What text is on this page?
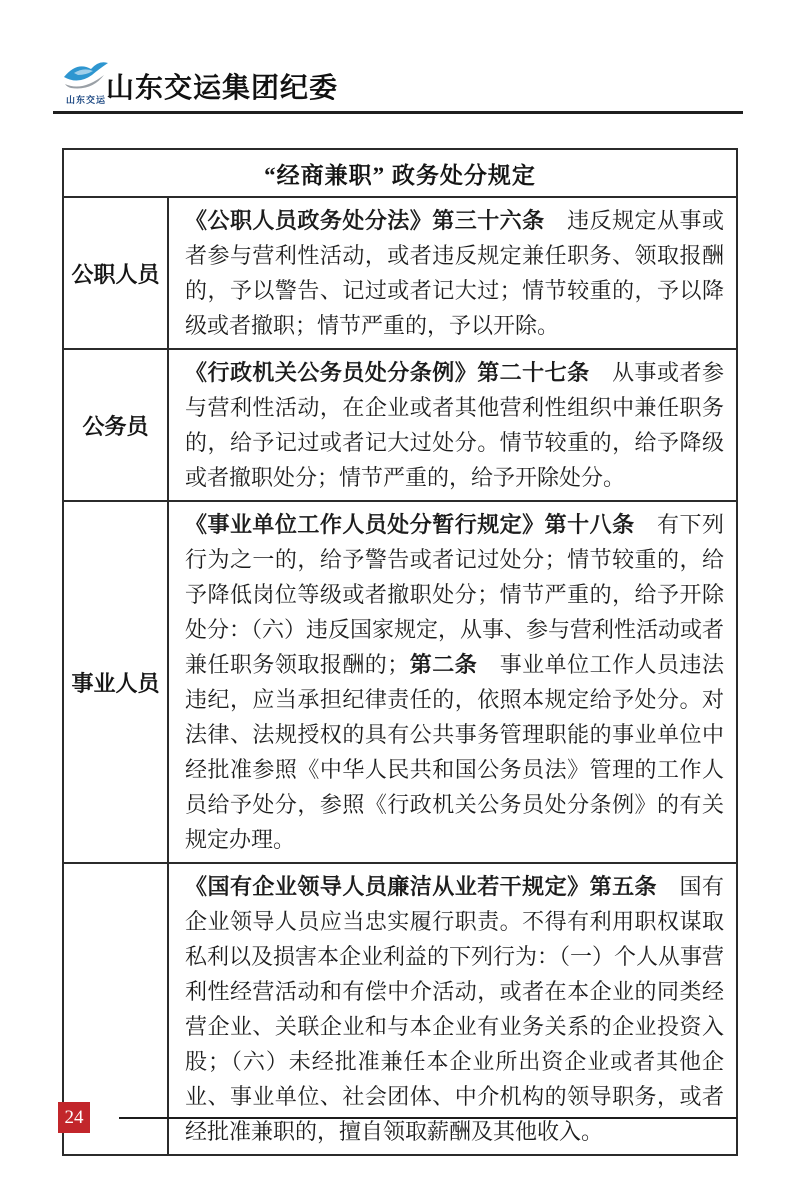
山东交运 山东交运集团纪委
“经商兼职” 政务处分规定
公职人员
《公职人员政务处分法》第三十六条　违反规定从事或者参与营利性活动，或者违反规定兼任职务、领取报酬的，予以警告、记过或者记大过；情节较重的，予以降级或者撤职；情节严重的，予以开除。
公务员
《行政机关公务员处分条例》第二十七条　从事或者参与营利性活动，在企业或者其他营利性组织中兼任职务的，给予记过或者记大过处分。情节较重的，给予降级或者撤职处分；情节严重的，给予开除处分。
事业人员
《事业单位工作人员处分暂行规定》第十八条　有下列行为之一的，给予警告或者记过处分；情节较重的，给予降低岗位等级或者撤职处分；情节严重的，给予开除处分：（六）违反国家规定，从事、参与营利性活动或者兼任职务领取报酬的；第二条　事业单位工作人员违法违纪，应当承担纪律责任的，依照本规定给予处分。对法律、法规授权的具有公共事务管理职能的事业单位中经批准参照《中华人民共和国公务员法》管理的工作人员给予处分，参照《行政机关公务员处分条例》的有关规定办理。
《国有企业领导人员廉洁从业若干规定》第五条　国有企业领导人员应当忠实履行职责。不得有利用职权谋取私利以及损害本企业利益的下列行为：（一）个人从事营利性经营活动和有偿中介活动，或者在本企业的同类经营企业、关联企业和与本企业有业务关系的企业投资入股；（六）未经批准兼任本企业所出资企业或者其他企业、事业单位、社会团体、中介机构的领导职务，或者经批准兼职的，擅自领取薪酬及其他收入。
24
